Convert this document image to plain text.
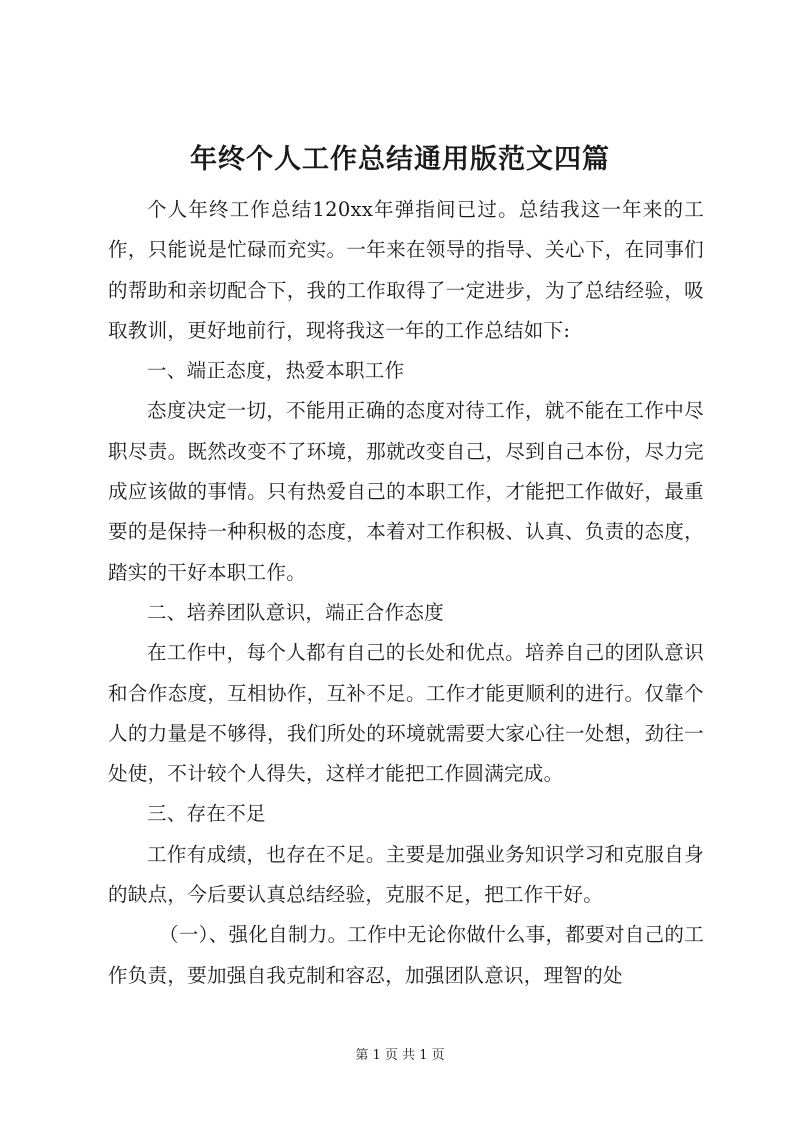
年终个人工作总结通用版范文四篇

个人年终工作总结120xx年弹指间已过。总结我这一年来的工作，只能说是忙碌而充实。一年来在领导的指导、关心下，在同事们的帮助和亲切配合下，我的工作取得了一定进步，为了总结经验，吸取教训，更好地前行，现将我这一年的工作总结如下:

一、端正态度，热爱本职工作

态度决定一切，不能用正确的态度对待工作，就不能在工作中尽职尽责。既然改变不了环境，那就改变自己，尽到自己本份，尽力完成应该做的事情。只有热爱自己的本职工作，才能把工作做好，最重要的是保持一种积极的态度，本着对工作积极、认真、负责的态度，踏实的干好本职工作。

二、培养团队意识，端正合作态度

在工作中，每个人都有自己的长处和优点。培养自己的团队意识和合作态度，互相协作，互补不足。工作才能更顺利的进行。仅靠个人的力量是不够得，我们所处的环境就需要大家心往一处想，劲往一处使，不计较个人得失，这样才能把工作圆满完成。

三、存在不足

工作有成绩，也存在不足。主要是加强业务知识学习和克服自身的缺点，今后要认真总结经验，克服不足，把工作干好。

（一）、强化自制力。工作中无论你做什么事，都要对自己的工作负责，要加强自我克制和容忍，加强团队意识，理智的处

第 1 页 共 1 页
